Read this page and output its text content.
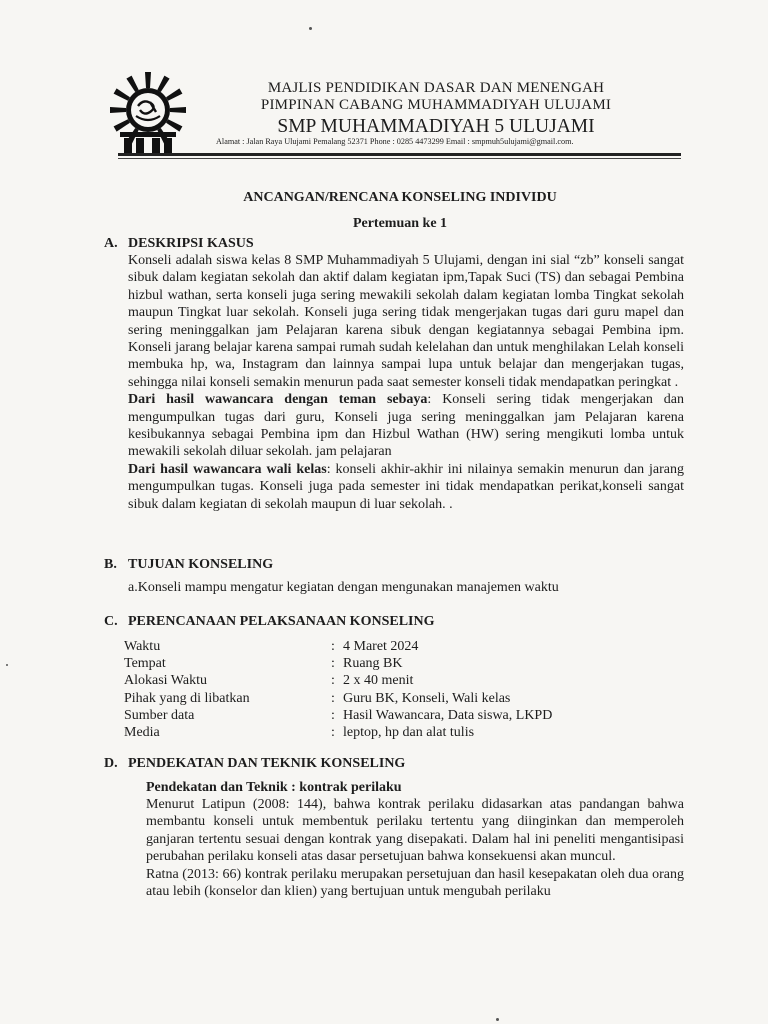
MAJLIS PENDIDIKAN DASAR DAN MENENGAH
PIMPINAN CABANG MUHAMMADIYAH ULUJAMI
SMP MUHAMMADIYAH 5 ULUJAMI
Alamat : Jalan Raya Ulujami Pemalang 52371 Phone : 0285 4473299 Email : smpmuh5ulujami@gmail.com.
ANCANGAN/RENCANA KONSELING INDIVIDU
Pertemuan ke 1
A. DESKRIPSI KASUS

Konseli adalah siswa kelas 8 SMP Muhammadiyah 5 Ulujami, dengan ini sial “zb” konseli sangat sibuk dalam kegiatan sekolah dan aktif dalam kegiatan ipm,Tapak Suci (TS) dan sebagai Pembina hizbul wathan, serta konseli juga sering mewakili sekolah dalam kegiatan lomba Tingkat sekolah maupun Tingkat luar sekolah. Konseli juga sering tidak mengerjakan tugas dari guru mapel dan sering meninggalkan jam Pelajaran karena sibuk dengan kegiatannya sebagai Pembina ipm. Konseli jarang belajar karena sampai rumah sudah kelelahan dan untuk menghilakan Lelah konseli membuka hp, wa, Instagram dan lainnya sampai lupa untuk belajar dan mengerjakan tugas, sehingga nilai konseli semakin menurun pada saat semester konseli tidak mendapatkan peringkat .

Dari hasil wawancara dengan teman sebaya: Konseli sering tidak mengerjakan dan mengumpulkan tugas dari guru, Konseli juga sering meninggalkan jam Pelajaran karena kesibukannya sebagai Pembina ipm dan Hizbul Wathan (HW) sering mengikuti lomba untuk mewakili sekolah diluar sekolah. jam pelajaran

Dari hasil wawancara wali kelas: konseli akhir-akhir ini nilainya semakin menurun dan jarang mengumpulkan tugas. Konseli juga pada semester ini tidak mendapatkan perikat,konseli sangat sibuk dalam kegiatan di sekolah maupun di luar sekolah. .

B. TUJUAN KONSELING
a.Konseli mampu mengatur kegiatan dengan mengunakan manajemen waktu
C. PERENCANAAN PELAKSANAAN KONSELING
Waktu	:	4 Maret 2024
Tempat	:	Ruang BK
Alokasi Waktu	:	2 x 40 menit
Pihak yang di libatkan	:	Guru BK, Konseli, Wali kelas
Sumber data	:	Hasil Wawancara, Data siswa, LKPD
Media	:	leptop, hp dan alat tulis
D. PENDEKATAN DAN TEKNIK KONSELING
Pendekatan dan Teknik : kontrak perilaku

Menurut Latipun (2008: 144), bahwa kontrak perilaku didasarkan atas pandangan bahwa membantu konseli untuk membentuk perilaku tertentu yang diinginkan dan memperoleh ganjaran tertentu sesuai dengan kontrak yang disepakati. Dalam hal ini peneliti mengantisipasi perubahan perilaku konseli atas dasar persetujuan bahwa konsekuensi akan muncul.

Ratna (2013: 66) kontrak perilaku merupakan persetujuan dan hasil kesepakatan oleh dua orang atau lebih (konselor dan klien) yang bertujuan untuk mengubah perilaku
